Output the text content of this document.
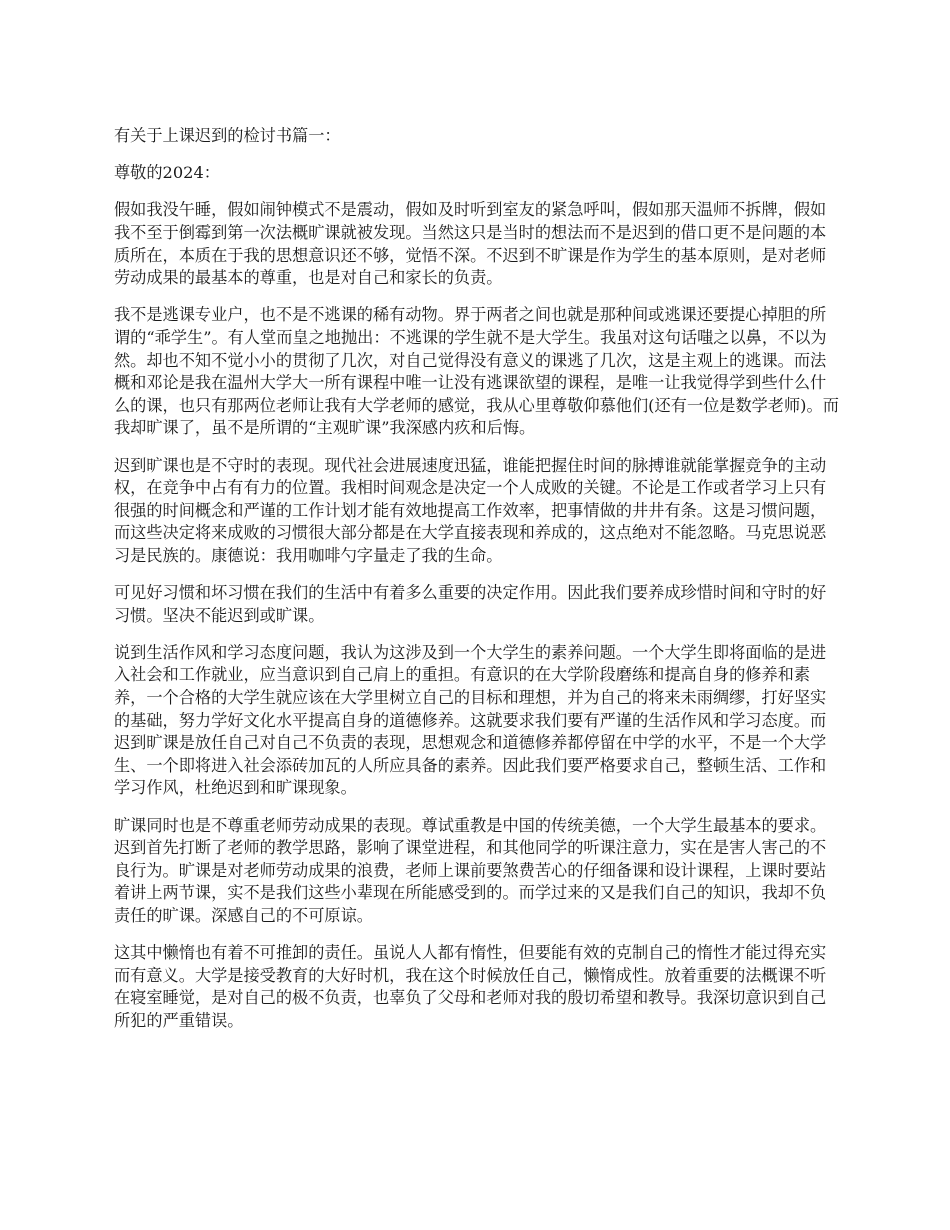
有关于上课迟到的检讨书篇一：

尊敬的2024：

假如我没午睡，假如闹钟模式不是震动，假如及时听到室友的紧急呼叫，假如那天温师不拆牌，假如我不至于倒霉到第一次法概旷课就被发现。当然这只是当时的想法而不是迟到的借口更不是问题的本质所在，本质在于我的思想意识还不够，觉悟不深。不迟到不旷课是作为学生的基本原则，是对老师劳动成果的最基本的尊重，也是对自己和家长的负责。

我不是逃课专业户，也不是不逃课的稀有动物。界于两者之间也就是那种间或逃课还要提心掉胆的所谓的“乖学生”。有人堂而皇之地抛出：不逃课的学生就不是大学生。我虽对这句话嗤之以鼻，不以为然。却也不知不觉小小的贯彻了几次，对自己觉得没有意义的课逃了几次，这是主观上的逃课。而法概和邓论是我在温州大学大一所有课程中唯一让没有逃课欲望的课程，是唯一让我觉得学到些什么什么的课，也只有那两位老师让我有大学老师的感觉，我从心里尊敬仰慕他们(还有一位是数学老师)。而我却旷课了，虽不是所谓的“主观旷课”我深感内疚和后悔。

迟到旷课也是不守时的表现。现代社会进展速度迅猛，谁能把握住时间的脉搏谁就能掌握竞争的主动权，在竞争中占有有力的位置。我相时间观念是决定一个人成败的关键。不论是工作或者学习上只有很强的时间概念和严谨的工作计划才能有效地提高工作效率，把事情做的井井有条。这是习惯问题，而这些决定将来成败的习惯很大部分都是在大学直接表现和养成的，这点绝对不能忽略。马克思说恶习是民族的。康德说：我用咖啡勺字量走了我的生命。

可见好习惯和坏习惯在我们的生活中有着多么重要的决定作用。因此我们要养成珍惜时间和守时的好习惯。坚决不能迟到或旷课。

说到生活作风和学习态度问题，我认为这涉及到一个大学生的素养问题。一个大学生即将面临的是进入社会和工作就业，应当意识到自己肩上的重担。有意识的在大学阶段磨练和提高自身的修养和素养，一个合格的大学生就应该在大学里树立自己的目标和理想，并为自己的将来未雨绸缪，打好坚实的基础，努力学好文化水平提高自身的道德修养。这就要求我们要有严谨的生活作风和学习态度。而迟到旷课是放任自己对自己不负责的表现，思想观念和道德修养都停留在中学的水平，不是一个大学生、一个即将进入社会添砖加瓦的人所应具备的素养。因此我们要严格要求自己，整顿生活、工作和学习作风，杜绝迟到和旷课现象。

旷课同时也是不尊重老师劳动成果的表现。尊试重教是中国的传统美德，一个大学生最基本的要求。迟到首先打断了老师的教学思路，影响了课堂进程，和其他同学的听课注意力，实在是害人害己的不良行为。旷课是对老师劳动成果的浪费，老师上课前要煞费苦心的仔细备课和设计课程，上课时要站着讲上两节课，实不是我们这些小辈现在所能感受到的。而学过来的又是我们自己的知识，我却不负责任的旷课。深感自己的不可原谅。

这其中懒惰也有着不可推卸的责任。虽说人人都有惰性，但要能有效的克制自己的惰性才能过得充实而有意义。大学是接受教育的大好时机，我在这个时候放任自己，懒惰成性。放着重要的法概课不听在寝室睡觉，是对自己的极不负责，也辜负了父母和老师对我的殷切希望和教导。我深切意识到自己所犯的严重错误。
